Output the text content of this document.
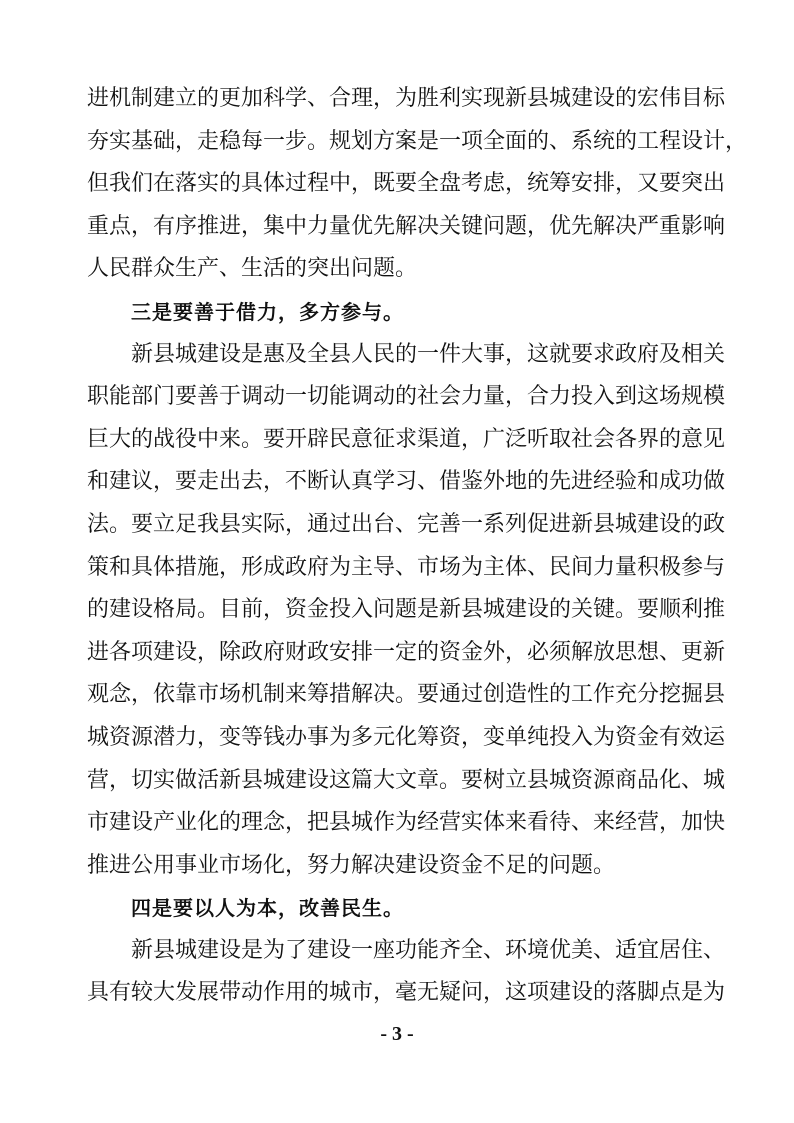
进机制建立的更加科学、合理，为胜利实现新县城建设的宏伟目标
夯实基础，走稳每一步。规划方案是一项全面的、系统的工程设计，
但我们在落实的具体过程中，既要全盘考虑，统筹安排，又要突出
重点，有序推进，集中力量优先解决关键问题，优先解决严重影响
人民群众生产、生活的突出问题。
三是要善于借力，多方参与。
新县城建设是惠及全县人民的一件大事，这就要求政府及相关
职能部门要善于调动一切能调动的社会力量，合力投入到这场规模
巨大的战役中来。要开辟民意征求渠道，广泛听取社会各界的意见
和建议，要走出去，不断认真学习、借鉴外地的先进经验和成功做
法。要立足我县实际，通过出台、完善一系列促进新县城建设的政
策和具体措施，形成政府为主导、市场为主体、民间力量积极参与
的建设格局。目前，资金投入问题是新县城建设的关键。要顺利推
进各项建设，除政府财政安排一定的资金外，必须解放思想、更新
观念，依靠市场机制来筹措解决。要通过创造性的工作充分挖掘县
城资源潜力，变等钱办事为多元化筹资，变单纯投入为资金有效运
营，切实做活新县城建设这篇大文章。要树立县城资源商品化、城
市建设产业化的理念，把县城作为经营实体来看待、来经营，加快
推进公用事业市场化，努力解决建设资金不足的问题。
四是要以人为本，改善民生。
新县城建设是为了建设一座功能齐全、环境优美、适宜居住、
具有较大发展带动作用的城市，毫无疑问，这项建设的落脚点是为
- 3 -
